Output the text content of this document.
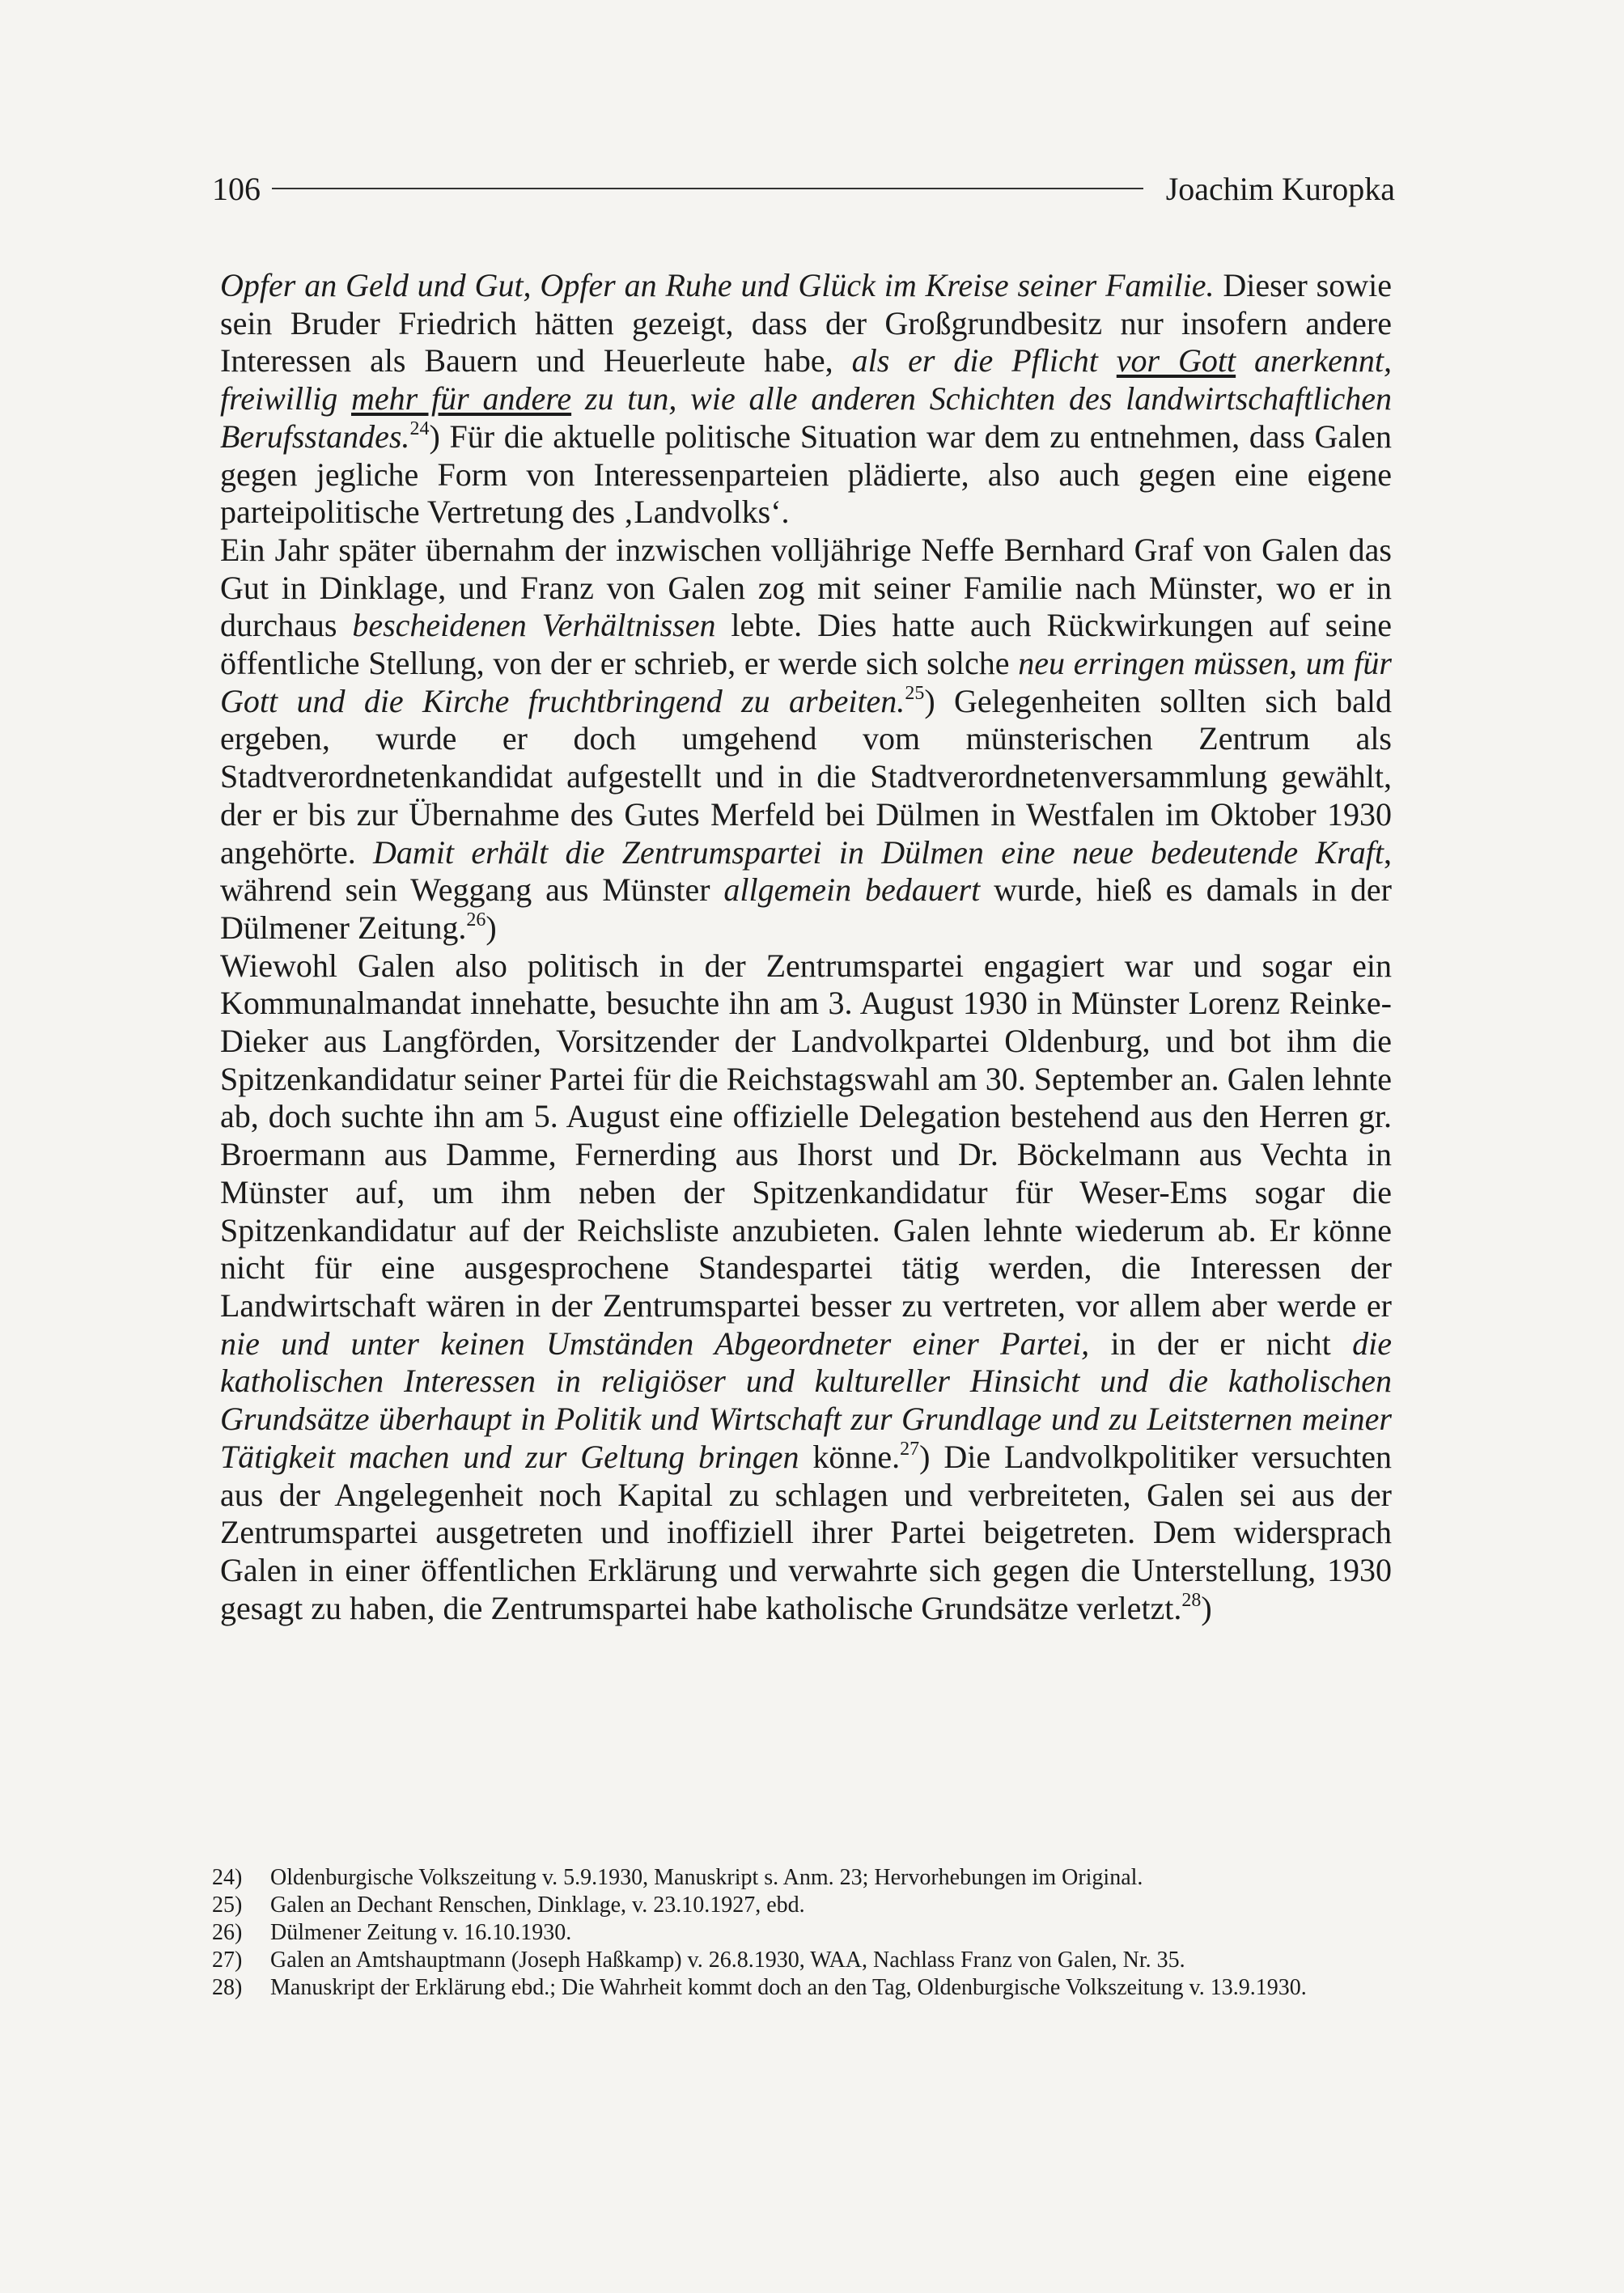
106	Joachim Kuropka

Opfer an Geld und Gut, Opfer an Ruhe und Glück im Kreise seiner Familie. Dieser sowie sein Bruder Friedrich hätten gezeigt, dass der Großgrundbesitz nur insofern andere Interessen als Bauern und Heuerleute habe, als er die Pflicht vor Gott anerkennt, freiwillig mehr für andere zu tun, wie alle anderen Schichten des landwirtschaftlichen Berufsstandes.$^{24}$) Für die aktuelle politische Situation war dem zu entnehmen, dass Galen gegen jegliche Form von Interessenparteien plädierte, also auch gegen eine eigene parteipolitische Vertretung des ‚Landvolks‘.

Ein Jahr später übernahm der inzwischen volljährige Neffe Bernhard Graf von Galen das Gut in Dinklage, und Franz von Galen zog mit seiner Familie nach Münster, wo er in durchaus bescheidenen Verhältnissen lebte. Dies hatte auch Rückwirkungen auf seine öffentliche Stellung, von der er schrieb, er werde sich solche neu erringen müssen, um für Gott und die Kirche fruchtbringend zu arbeiten.$^{25}$) Gelegenheiten sollten sich bald ergeben, wurde er doch umgehend vom münsterischen Zentrum als Stadtverordnetenkandidat aufgestellt und in die Stadtverordnetenversammlung gewählt, der er bis zur Übernahme des Gutes Merfeld bei Dülmen in Westfalen im Oktober 1930 angehörte. Damit erhält die Zentrumspartei in Dülmen eine neue bedeutende Kraft, während sein Weggang aus Münster allgemein bedauert wurde, hieß es damals in der Dülmener Zeitung.$^{26}$)

Wiewohl Galen also politisch in der Zentrumspartei engagiert war und sogar ein Kommunalmandat innehatte, besuchte ihn am 3. August 1930 in Münster Lorenz Reinke-Dieker aus Langförden, Vorsitzender der Landvolkpartei Oldenburg, und bot ihm die Spitzenkandidatur seiner Partei für die Reichstagswahl am 30. September an. Galen lehnte ab, doch suchte ihn am 5. August eine offizielle Delegation bestehend aus den Herren gr. Broermann aus Damme, Fernerding aus Ihorst und Dr. Böckelmann aus Vechta in Münster auf, um ihm neben der Spitzenkandidatur für Weser-Ems sogar die Spitzenkandidatur auf der Reichsliste anzubieten. Galen lehnte wiederum ab. Er könne nicht für eine ausgesprochene Standespartei tätig werden, die Interessen der Landwirtschaft wären in der Zentrumspartei besser zu vertreten, vor allem aber werde er nie und unter keinen Umständen Abgeordneter einer Partei, in der er nicht die katholischen Interessen in religiöser und kultureller Hinsicht und die katholischen Grundsätze überhaupt in Politik und Wirtschaft zur Grundlage und zu Leitsternen meiner Tätigkeit machen und zur Geltung bringen könne.$^{27}$) Die Landvolkpolitiker versuchten aus der Angelegenheit noch Kapital zu schlagen und verbreiteten, Galen sei aus der Zentrumspartei ausgetreten und inoffiziell ihrer Partei beigetreten. Dem widersprach Galen in einer öffentlichen Erklärung und verwahrte sich gegen die Unterstellung, 1930 gesagt zu haben, die Zentrumspartei habe katholische Grundsätze verletzt.$^{28}$)

24)	Oldenburgische Volkszeitung v. 5.9.1930, Manuskript s. Anm. 23; Hervorhebungen im Original.
25)	Galen an Dechant Renschen, Dinklage, v. 23.10.1927, ebd.
26)	Dülmener Zeitung v. 16.10.1930.
27)	Galen an Amtshauptmann (Joseph Haßkamp) v. 26.8.1930, WAA, Nachlass Franz von Galen, Nr. 35.
28)	Manuskript der Erklärung ebd.; Die Wahrheit kommt doch an den Tag, Oldenburgische Volkszeitung v. 13.9.1930.
